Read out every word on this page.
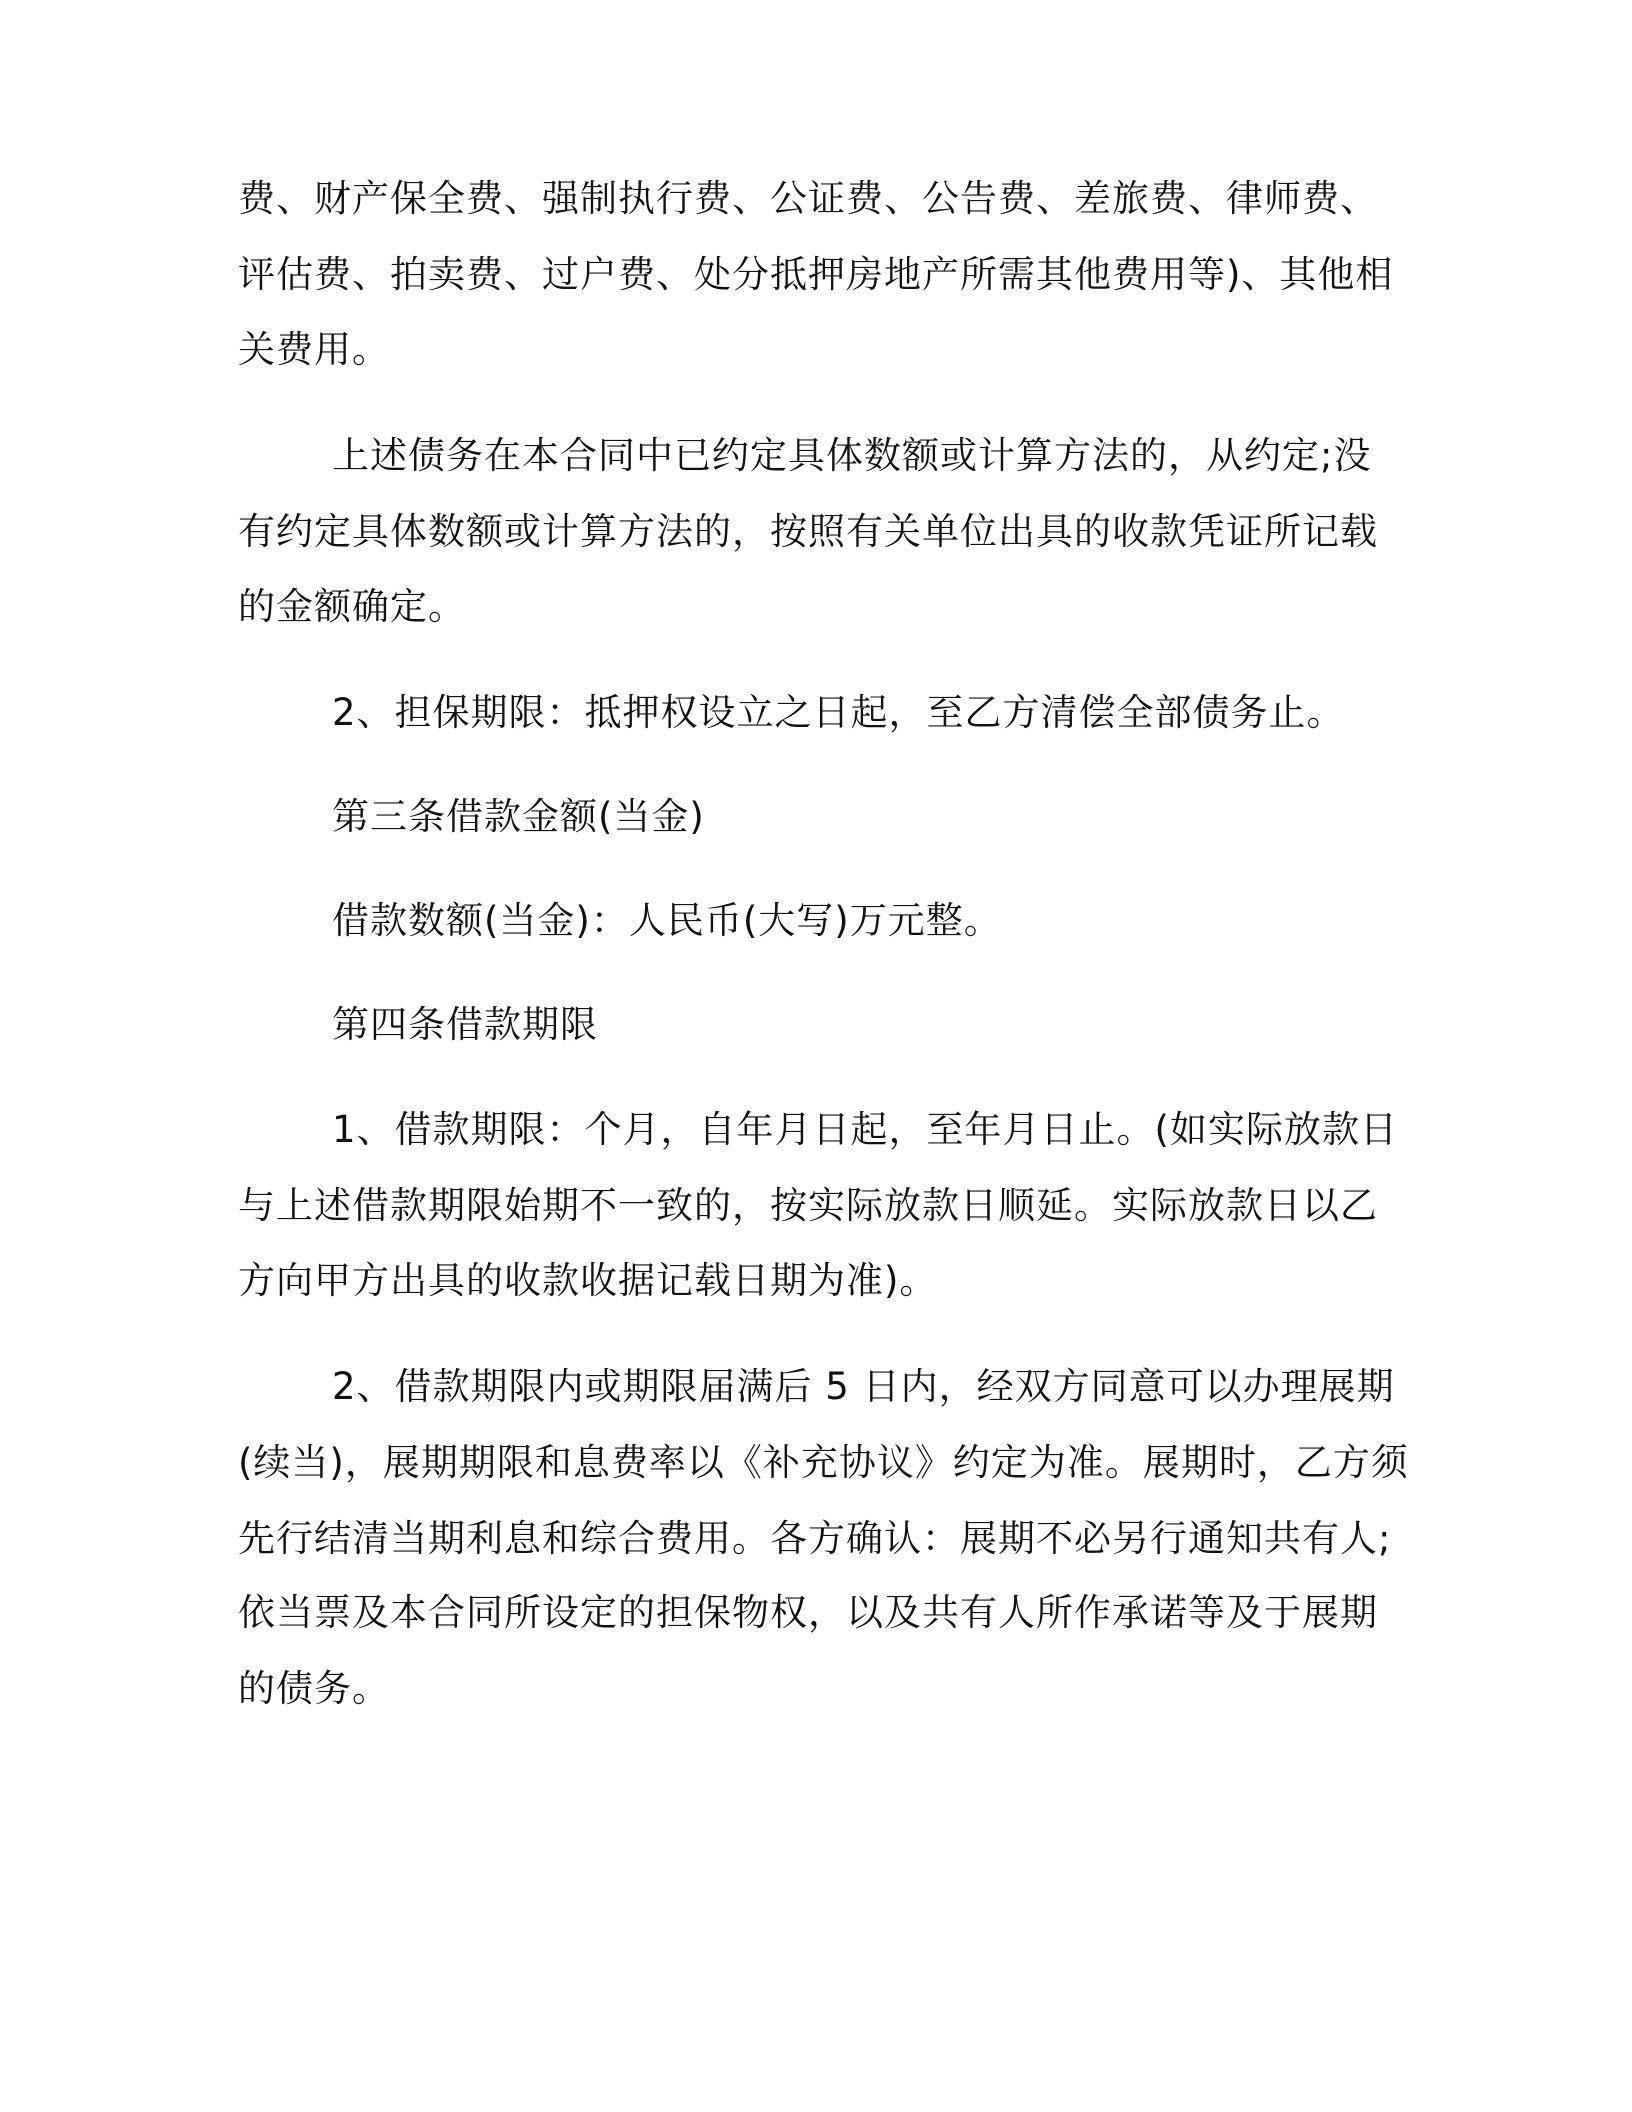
费、财产保全费、强制执行费、公证费、公告费、差旅费、律师费、
评估费、拍卖费、过户费、处分抵押房地产所需其他费用等)、其他相
关费用。
上述债务在本合同中已约定具体数额或计算方法的，从约定;没
有约定具体数额或计算方法的，按照有关单位出具的收款凭证所记载
的金额确定。
2、担保期限：抵押权设立之日起，至乙方清偿全部债务止。
第三条借款金额(当金)
借款数额(当金)：人民币(大写)万元整。
第四条借款期限
1、借款期限：个月，自年月日起，至年月日止。(如实际放款日
与上述借款期限始期不一致的，按实际放款日顺延。实际放款日以乙
方向甲方出具的收款收据记载日期为准)。
2、借款期限内或期限届满后 5 日内，经双方同意可以办理展期
(续当)，展期期限和息费率以《补充协议》约定为准。展期时，乙方须
先行结清当期利息和综合费用。各方确认：展期不必另行通知共有人;
依当票及本合同所设定的担保物权，以及共有人所作承诺等及于展期
的债务。
